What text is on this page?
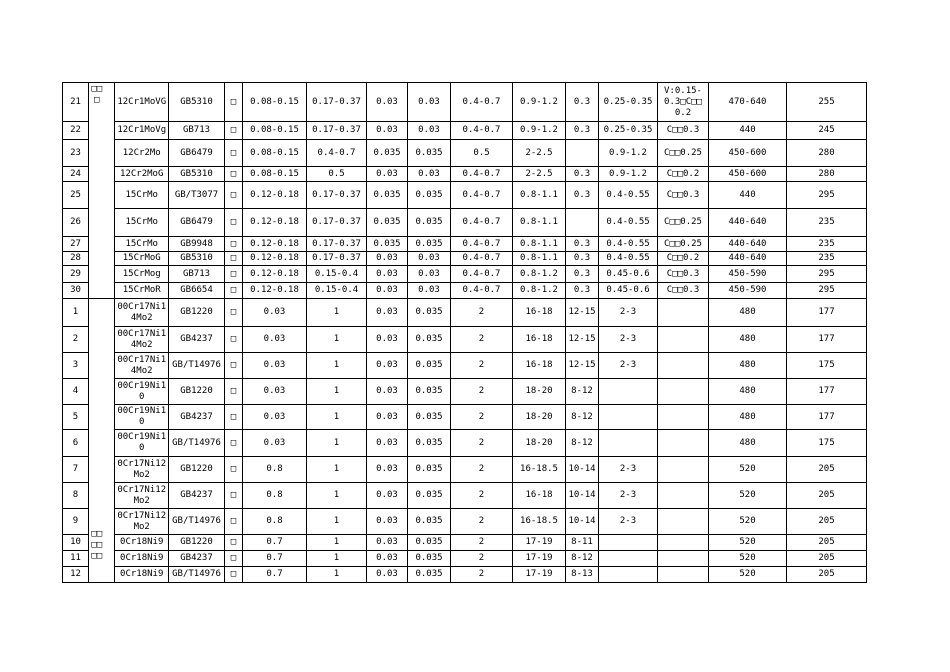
21	□□□	12Cr1MoVG	GB5310	□	0.08-0.15	0.17-0.37	0.03	0.03	0.4-0.7	0.9-1.2	0.3	0.25-0.35	V:0.15-0.3□C□□0.2	470-640	255
22		12Cr1MoVg	GB713	□	0.08-0.15	0.17-0.37	0.03	0.03	0.4-0.7	0.9-1.2	0.3	0.25-0.35	C□□0.3	440	245
23		12Cr2Mo	GB6479	□	0.08-0.15	0.4-0.7	0.035	0.035	0.5	2-2.5		0.9-1.2	C□□0.25	450-600	280
24		12Cr2MoG	GB5310	□	0.08-0.15	0.5	0.03	0.03	0.4-0.7	2-2.5	0.3	0.9-1.2	C□□0.2	450-600	280
25		15CrMo	GB/T3077	□	0.12-0.18	0.17-0.37	0.035	0.035	0.4-0.7	0.8-1.1	0.3	0.4-0.55	C□□0.3	440	295
26		15CrMo	GB6479	□	0.12-0.18	0.17-0.37	0.035	0.035	0.4-0.7	0.8-1.1		0.4-0.55	C□□0.25	440-640	235
27		15CrMo	GB9948	□	0.12-0.18	0.17-0.37	0.035	0.035	0.4-0.7	0.8-1.1	0.3	0.4-0.55	C□□0.25	440-640	235
28		15CrMoG	GB5310	□	0.12-0.18	0.17-0.37	0.03	0.03	0.4-0.7	0.8-1.1	0.3	0.4-0.55	C□□0.2	440-640	235
29		15CrMog	GB713	□	0.12-0.18	0.15-0.4	0.03	0.03	0.4-0.7	0.8-1.2	0.3	0.45-0.6	C□□0.3	450-590	295
30		15CrMoR	GB6654	□	0.12-0.18	0.15-0.4	0.03	0.03	0.4-0.7	0.8-1.2	0.3	0.45-0.6	C□□0.3	450-590	295
1	□□□□□□	00Cr17Ni14Mo2	GB1220	□	0.03	1	0.03	0.035	2	16-18	12-15	2-3		480	177
2		00Cr17Ni14Mo2	GB4237	□	0.03	1	0.03	0.035	2	16-18	12-15	2-3		480	177
3		00Cr17Ni14Mo2	GB/T14976	□	0.03	1	0.03	0.035	2	16-18	12-15	2-3		480	175
4		00Cr19Ni10	GB1220	□	0.03	1	0.03	0.035	2	18-20	8-12			480	177
5		00Cr19Ni10	GB4237	□	0.03	1	0.03	0.035	2	18-20	8-12			480	177
6		00Cr19Ni10	GB/T14976	□	0.03	1	0.03	0.035	2	18-20	8-12			480	175
7		0Cr17Ni12Mo2	GB1220	□	0.8	1	0.03	0.035	2	16-18.5	10-14	2-3		520	205
8		0Cr17Ni12Mo2	GB4237	□	0.8	1	0.03	0.035	2	16-18	10-14	2-3		520	205
9		0Cr17Ni12Mo2	GB/T14976	□	0.8	1	0.03	0.035	2	16-18.5	10-14	2-3		520	205
10		0Cr18Ni9	GB1220	□	0.7	1	0.03	0.035	2	17-19	8-11			520	205
11		0Cr18Ni9	GB4237	□	0.7	1	0.03	0.035	2	17-19	8-12			520	205
12		0Cr18Ni9	GB/T14976	□	0.7	1	0.03	0.035	2	17-19	8-13			520	205
